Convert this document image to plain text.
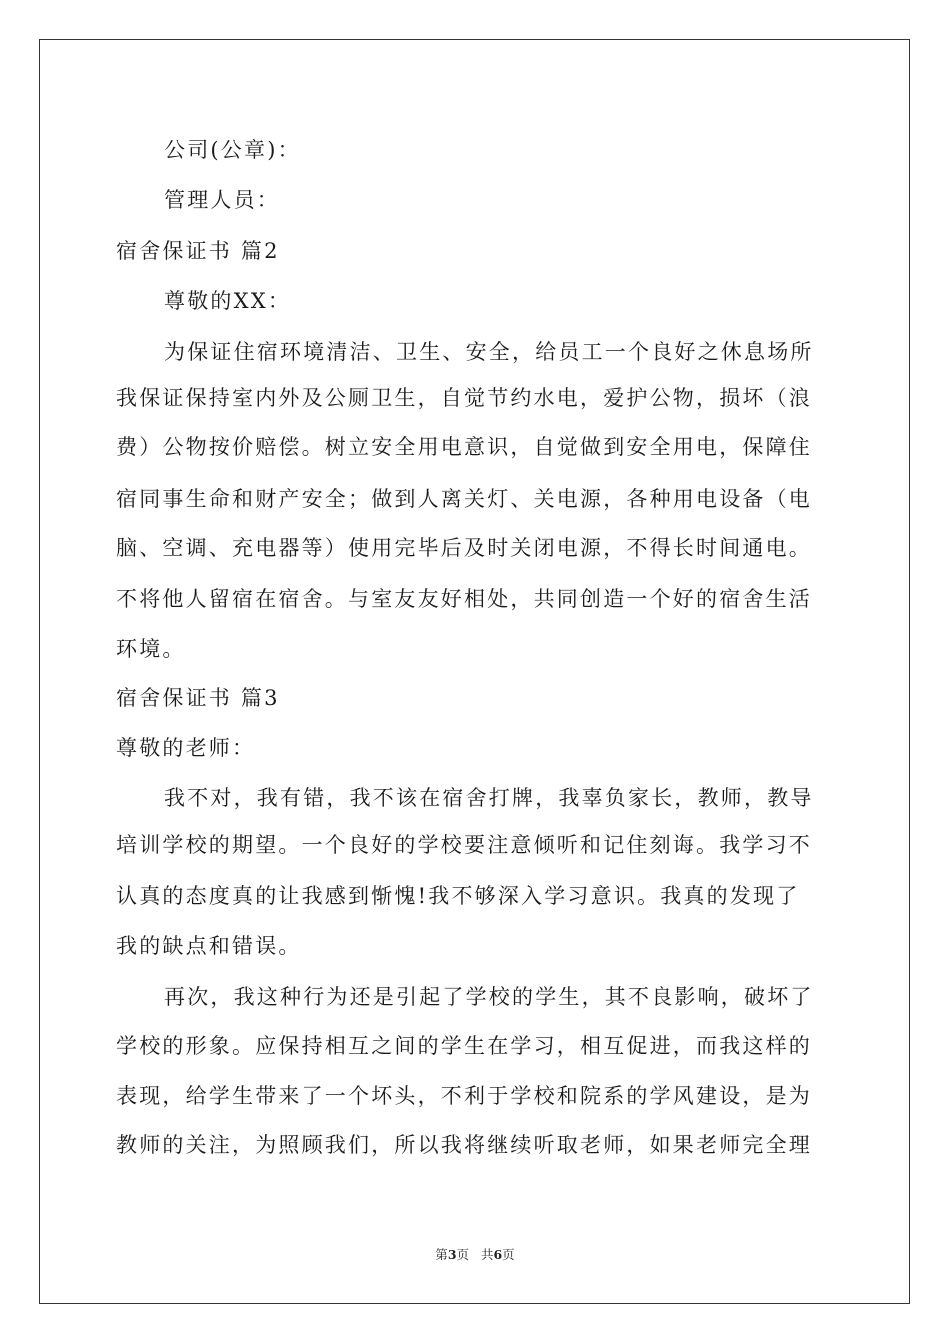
公司(公章)：
管理人员：
宿舍保证书 篇2
尊敬的XX：
为保证住宿环境清洁、卫生、安全，给员工一个良好之休息场所
我保证保持室内外及公厕卫生，自觉节约水电，爱护公物，损坏（浪
费）公物按价赔偿。树立安全用电意识，自觉做到安全用电，保障住
宿同事生命和财产安全；做到人离关灯、关电源，各种用电设备（电
脑、空调、充电器等）使用完毕后及时关闭电源，不得长时间通电。
不将他人留宿在宿舍。与室友友好相处，共同创造一个好的宿舍生活
环境。
宿舍保证书 篇3
尊敬的老师：
我不对，我有错，我不该在宿舍打牌，我辜负家长，教师，教导
培训学校的期望。一个良好的学校要注意倾听和记住刻诲。我学习不
认真的态度真的让我感到惭愧!我不够深入学习意识。我真的发现了
我的缺点和错误。
再次，我这种行为还是引起了学校的学生，其不良影响，破坏了
学校的形象。应保持相互之间的学生在学习，相互促进，而我这样的
表现，给学生带来了一个坏头，不利于学校和院系的学风建设，是为
教师的关注，为照顾我们，所以我将继续听取老师，如果老师完全理
第3页 共6页
